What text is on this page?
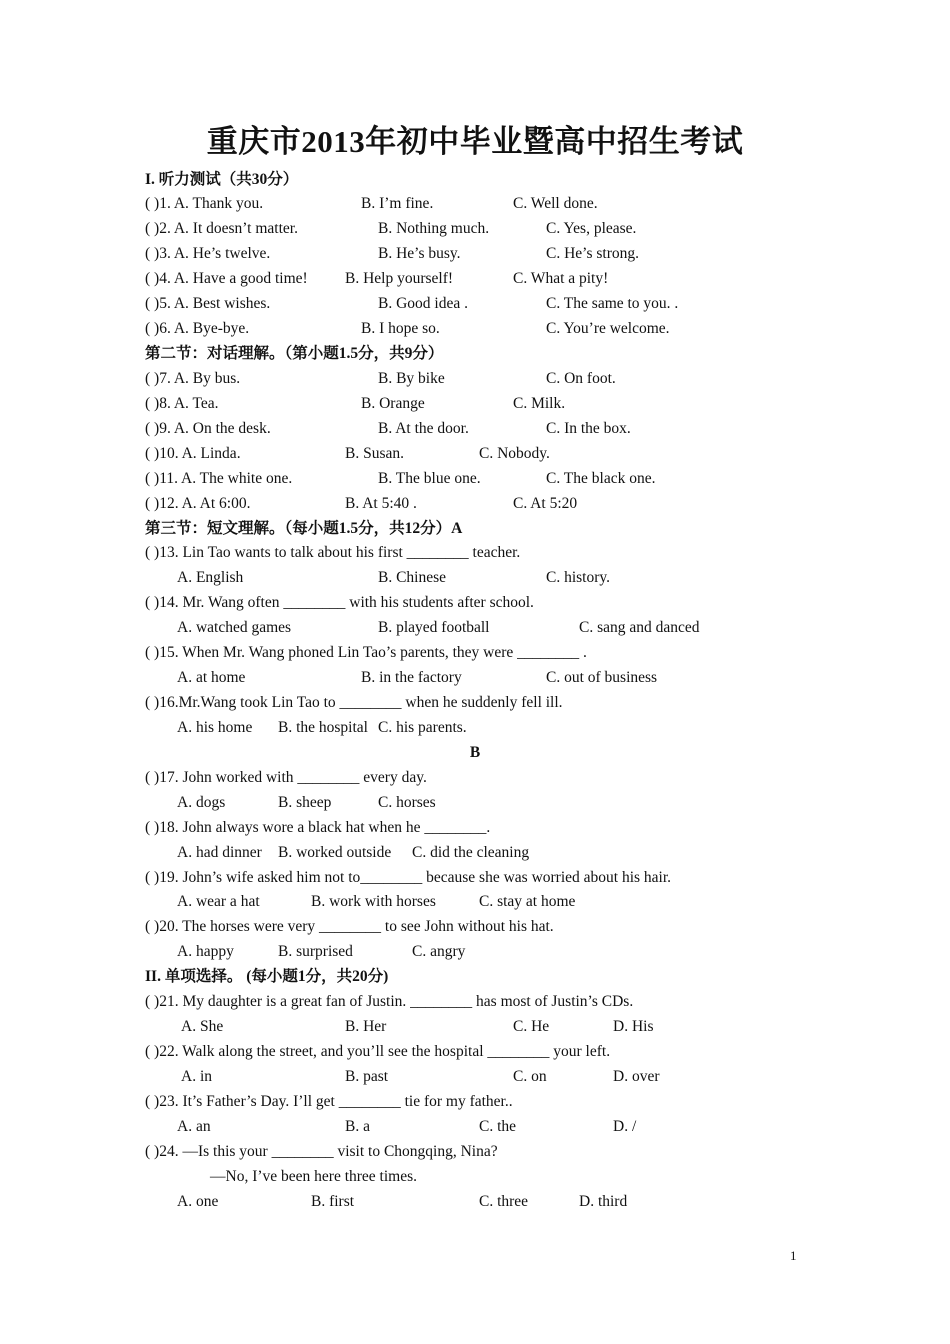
重庆市2013年初中毕业暨高中招生考试
I. 听力测试（共30分）
( )1. A. Thank you.	B. I’m fine.	C. Well done.
( )2. A. It doesn’t matter.	B. Nothing much.	C. Yes, please.
( )3. A. He’s twelve.	B. He’s busy.	C. He’s strong.
( )4. A. Have a good time! B. Help yourself!	C. What a pity!
( )5. A. Best wishes.	B. Good idea .	C. The same to you. .
( )6. A. Bye-bye.	B. I hope so.	C. You’re welcome.
第二节：对话理解。（第小题1.5分，共9分）
( )7. A. By bus.	B. By bike	C. On foot.
( )8. A. Tea.	B. Orange	C. Milk.
( )9. A. On the desk.	B. At the door.	C. In the box.
( )10. A. Linda.	B. Susan.	C. Nobody.
( )11. A. The white one.	B. The blue one.	C. The black one.
( )12. A. At 6:00.	B. At 5:40 .	C. At 5:20
第三节：短文理解。（每小题1.5分，共12分）A
( )13. Lin Tao wants to talk about his first ________ teacher.
A. English	B. Chinese	C. history.
( )14. Mr. Wang often ________ with his students after school.
A. watched games	B. played football	C. sang and danced
( )15. When Mr. Wang phoned Lin Tao’s parents, they were ________ .
A. at home	B. in the factory	C. out of business
( )16.Mr.Wang took Lin Tao to ________ when he suddenly fell ill.
A. his home B. the hospital C. his parents.
B
( )17. John worked with ________ every day.
A. dogs	B. sheep	C. horses
( )18. John always wore a black hat when he ________.
A. had dinner B. worked outside C. did the cleaning
( )19. John’s wife asked him not to________ because she was worried about his hair.
A. wear a hat	B. work with horses	C. stay at home
( )20. The horses were very ________ to see John without his hat.
A. happy	B. surprised	C. angry
II. 单项选择。 (每小题1分，共20分)
( )21. My daughter is a great fan of Justin. ________ has most of Justin’s CDs.
A. She	B. Her	C. He	D. His
( )22. Walk along the street, and you’ll see the hospital ________ your left.
A. in	B. past	C. on	D. over
( )23. It’s Father’s Day. I’ll get ________ tie for my father..
A. an	B. a	C. the	D. /
( )24. —Is this your ________ visit to Chongqing, Nina?
—No, I’ve been here three times.
A. one	B. first	C. three	D. third
1
